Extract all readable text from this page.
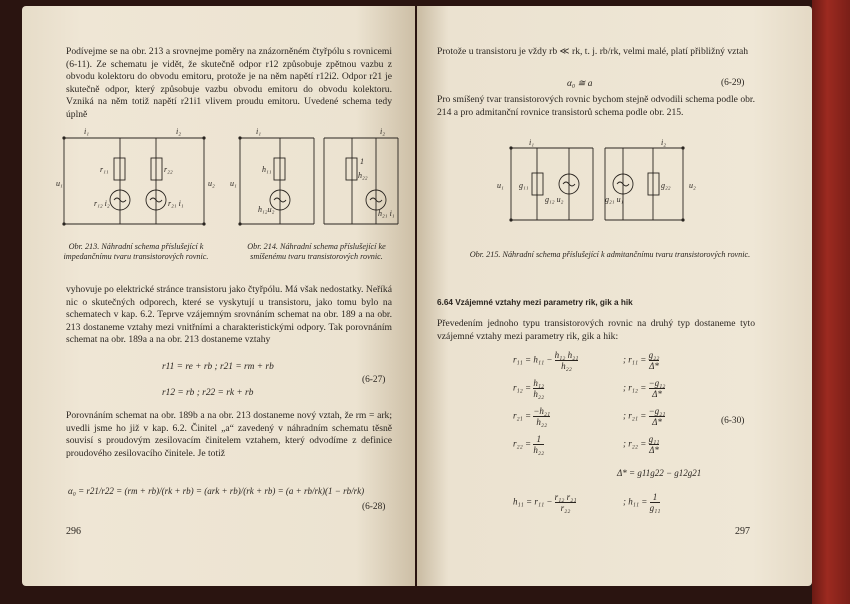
Podívejme se na obr. 213 a srovnejme poměry na znázorněném čtyřpólu s rovnicemi (6-11). Ze schematu je vidět, že skutečně odpor r12 způsobuje zpětnou vazbu z obvodu kolektoru do obvodu emitoru, protože je na něm napětí r12i2. Odpor r21 je skutečně odpor, který způsobuje vazbu obvodu emitoru do obvodu kolektoru. Vzniká na něm totiž napětí r21i1 vlivem proudu emitoru. Uvedené schema tedy úplně

i₁	i₂
r₁₁	r₂₂
u₁	u₂
r₁₂ i₂	r₂₁ i₁

Obr. 213. Náhradní schema příslušející k impedančnímu tvaru transistorových rovnic.

i₁	i₂
h₁₁
1
h₂₂
u₁
h₁₂u₂	h₂₁ i₁

Obr. 214. Náhradní schema příslušející ke smíšenému tvaru transistorových rovnic.

vyhovuje po elektrické stránce transistoru jako čtyřpólu. Má však nedostatky. Neříká nic o skutečných odporech, které se vyskytují u transistoru, jako tomu bylo na schematech v kap. 6.2. Teprve vzájemným srovnáním schemat na obr. 189 a na obr. 213 dostaneme vztahy mezi vnitřními a charakteristickými odpory. Tak porovnáním schemat na obr. 189a a na obr. 213 dostaneme vztahy

r11 = re + rb ; r21 = rm + rb
r12 = rb ; r22 = rk + rb
(6-27)

Porovnáním schemat na obr. 189b a na obr. 213 dostaneme nový vztah, že rm = ark; uvedli jsme ho již v kap. 6.2. Činitel „a“ zavedený v náhradním schematu těsně souvisí s proudovým zesilovacím činitelem vztahem, který odvodíme z definice proudového zesilovacího činitele. Je totiž

α₀ = r21/r22 = (rm + rb)/(rk + rb) = (ark + rb)/(rk + rb) = (a + rb/rk)(1 − rb/rk)
(6-28)
296

Protože u transistoru je vždy rb ≪ rk, t. j. rb/rk, velmi malé, platí přibližný vztah

α₀ ≅ a	(6-29)

Pro smíšený tvar transistorových rovnic bychom stejně odvodili schema podle obr. 214 a pro admitanční rovnice transistorů schema podle obr. 215.

i₁	i₂
g₁₁
g₁₂ u₂	g₂₁ u₁
g₂₂
u₁	u₂

Obr. 215. Náhradní schema příslušející k admitančnímu tvaru transistorových rovnic.

6.64 Vzájemné vztahy mezi parametry rik, gik a hik

Převedením jednoho typu transistorových rovnic na druhý typ dostaneme tyto vzájemné vztahy mezi parametry rik, gik a hik:

$r_{11} = h_{11} - \frac{\text{h₁₂ h₂₁}}{\text{h₂₂}}$	; $r_{11} = \frac{\text{g₂₂}}{\Delta*}$
$r_{12} = \frac{\text{h₁₂}}{\text{h₂₂}}$	; $r_{12} = \frac{\text{−g₁₂}}{\Delta*}$
$r_{21} = \frac{\text{−h₂₁}}{\text{h₂₂}}$	; $r_{21} = \frac{\text{−g₂₁}}{\Delta*}$
$r_{22} = \frac{1}{\text{h₂₂}}$	; $r_{22} = \frac{\text{g₁₁}}{\Delta*}$
Δ* = g11g22 − g12g21
$h_{11} = r_{11} - \frac{\text{r₁₂ r₂₁}}{\text{r₂₂}}$	; $h_{11} = \frac{1}{\text{g₁₁}}$
(6-30)
297
